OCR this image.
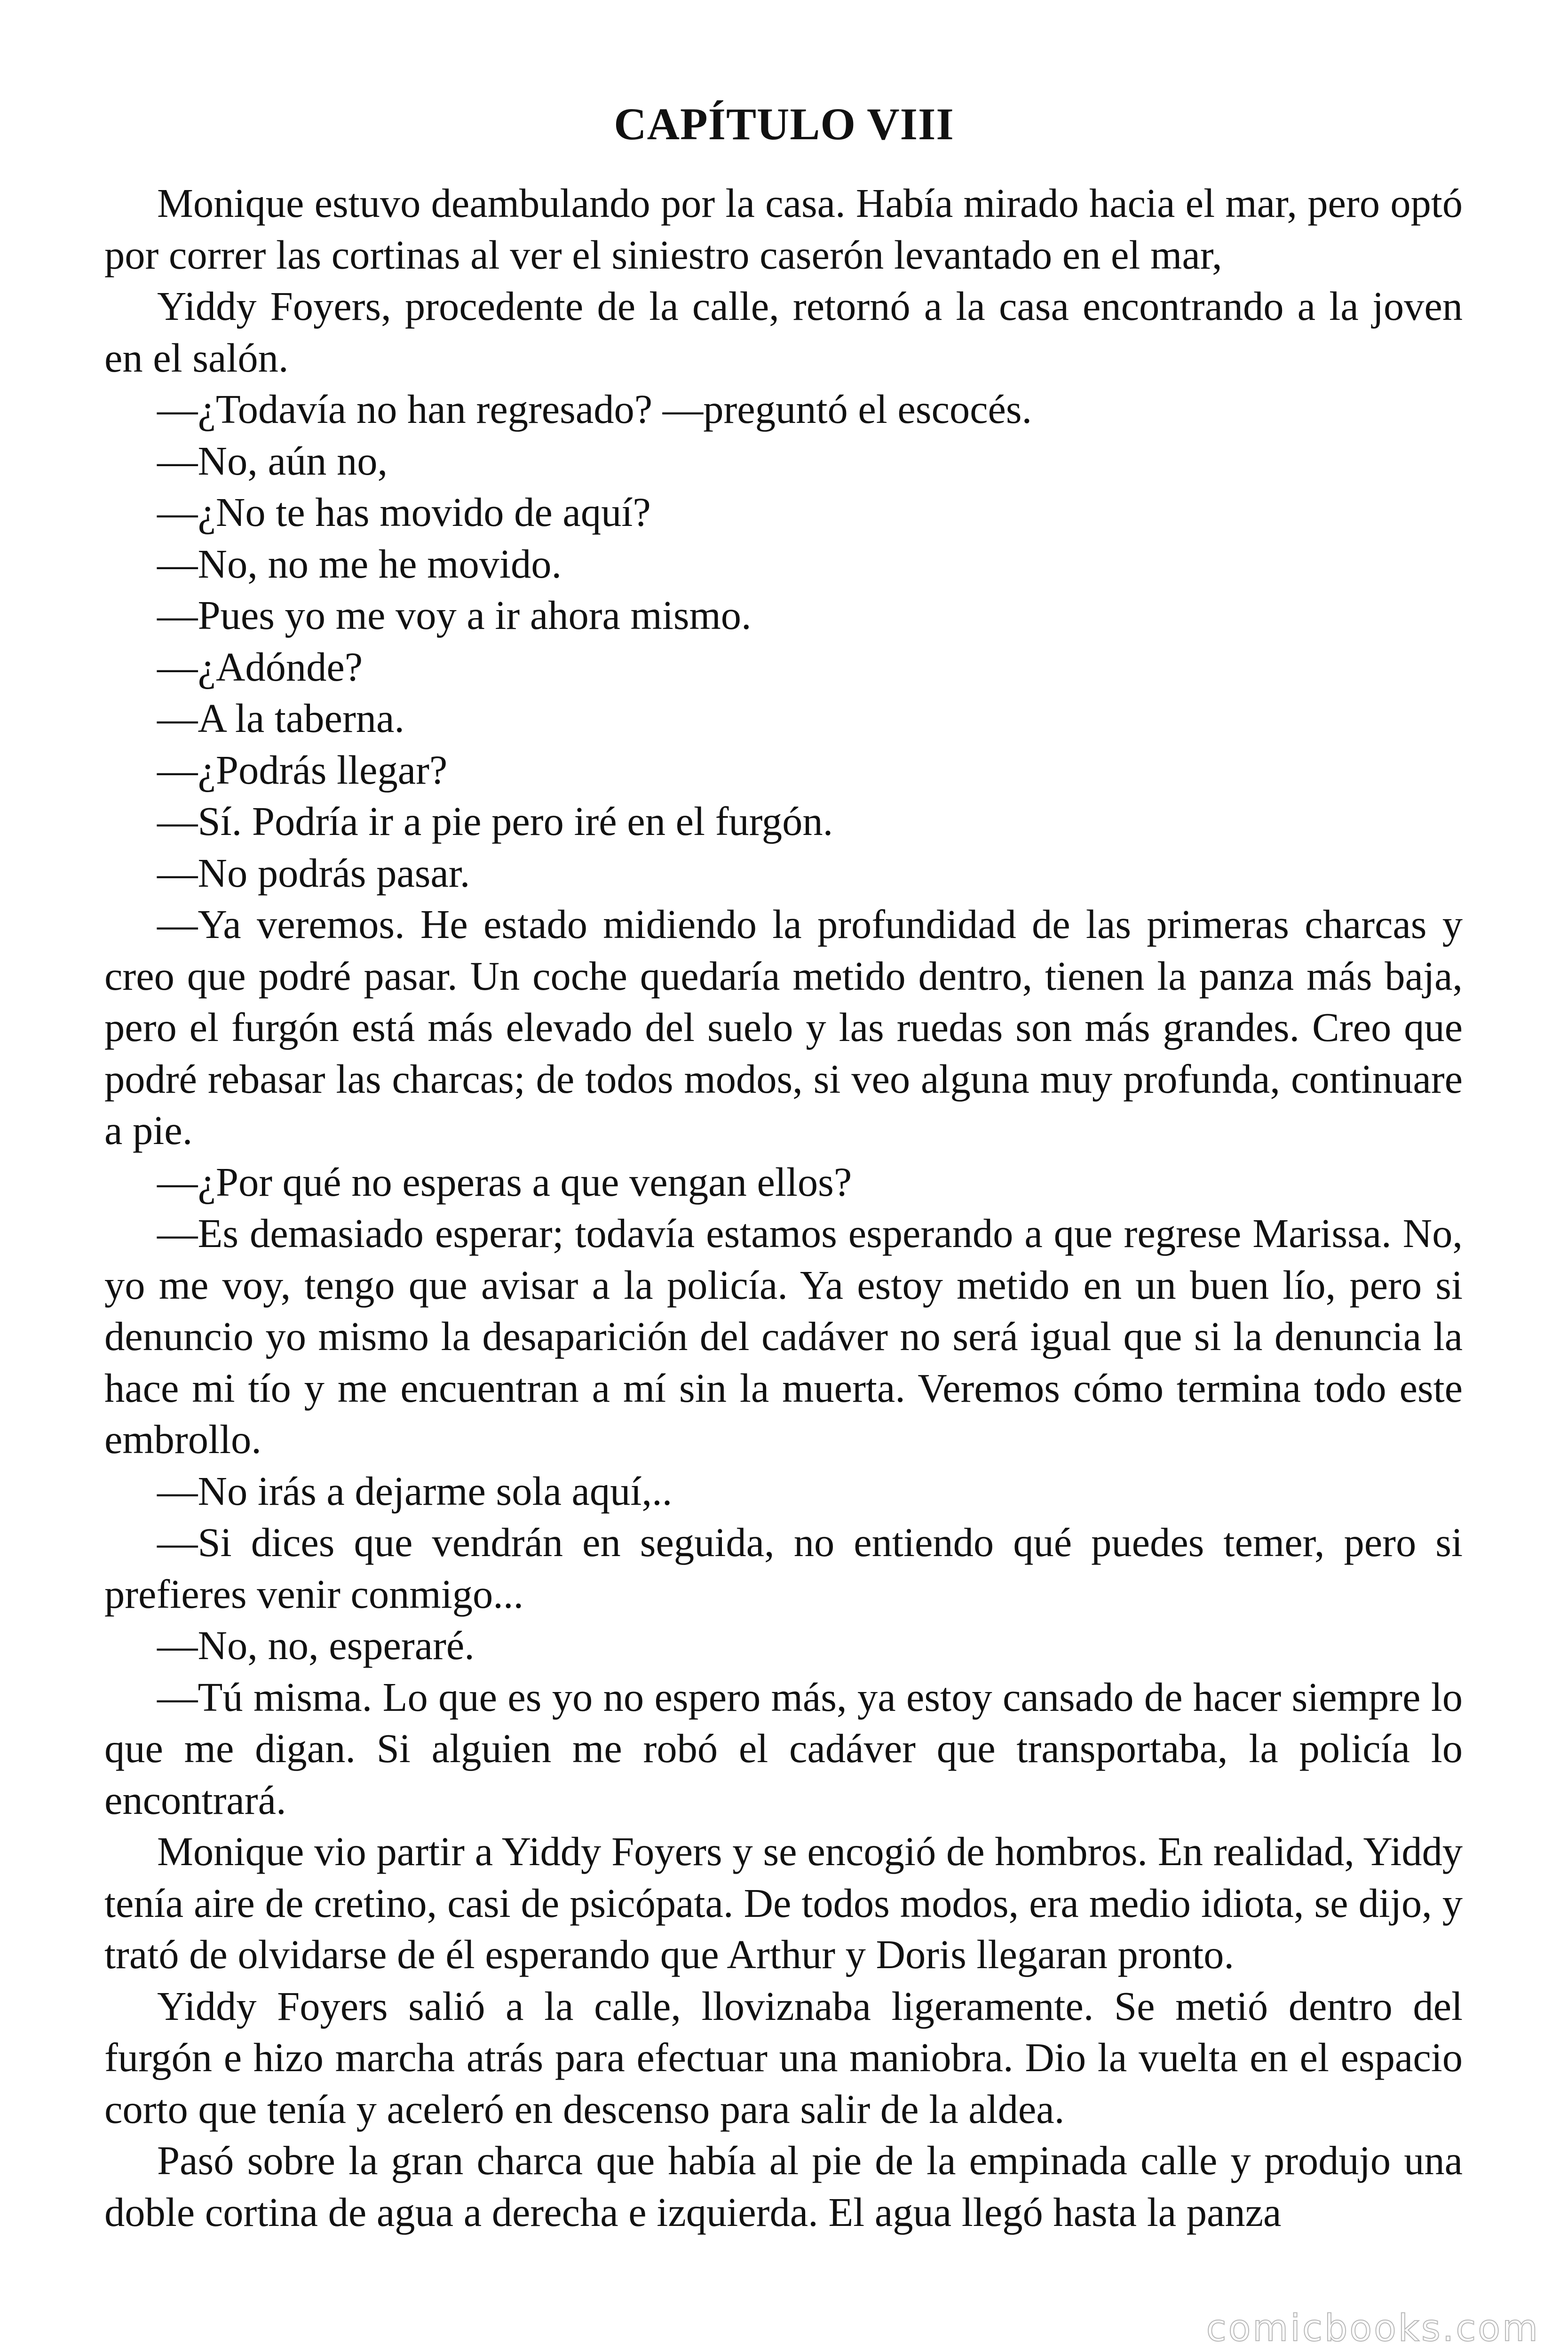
CAPÍTULO VIII

Monique estuvo deambulando por la casa. Había mirado hacia el mar, pero optó por correr las cortinas al ver el siniestro caserón levantado en el mar,

Yiddy Foyers, procedente de la calle, retornó a la casa encontrando a la joven en el salón.

—¿Todavía no han regresado? —preguntó el escocés.

—No, aún no,

—¿No te has movido de aquí?

—No, no me he movido.

—Pues yo me voy a ir ahora mismo.

—¿Adónde?

—A la taberna.

—¿Podrás llegar?

—Sí. Podría ir a pie pero iré en el furgón.

—No podrás pasar.

—Ya veremos. He estado midiendo la profundidad de las primeras charcas y creo que podré pasar. Un coche quedaría metido dentro, tienen la panza más baja, pero el furgón está más elevado del suelo y las ruedas son más grandes. Creo que podré rebasar las charcas; de todos modos, si veo alguna muy profunda, continuare a pie.

—¿Por qué no esperas a que vengan ellos?

—Es demasiado esperar; todavía estamos esperando a que regrese Marissa. No, yo me voy, tengo que avisar a la policía. Ya estoy metido en un buen lío, pero si denuncio yo mismo la desaparición del cadáver no será igual que si la denuncia la hace mi tío y me encuentran a mí sin la muerta. Veremos cómo termina todo este embrollo.

—No irás a dejarme sola aquí,..

—Si dices que vendrán en seguida, no entiendo qué puedes temer, pero si prefieres venir conmigo...

—No, no, esperaré.

—Tú misma. Lo que es yo no espero más, ya estoy cansado de hacer siempre lo que me digan. Si alguien me robó el cadáver que transportaba, la policía lo encontrará.

Monique vio partir a Yiddy Foyers y se encogió de hombros. En realidad, Yiddy tenía aire de cretino, casi de psicópata. De todos modos, era medio idiota, se dijo, y trató de olvidarse de él esperando que Arthur y Doris llegaran pronto.

Yiddy Foyers salió a la calle, lloviznaba ligeramente. Se metió dentro del furgón e hizo marcha atrás para efectuar una maniobra. Dio la vuelta en el espacio corto que tenía y aceleró en descenso para salir de la aldea.

Pasó sobre la gran charca que había al pie de la empinada calle y produjo una doble cortina de agua a derecha e izquierda. El agua llegó hasta la panza

comicbooks.com
